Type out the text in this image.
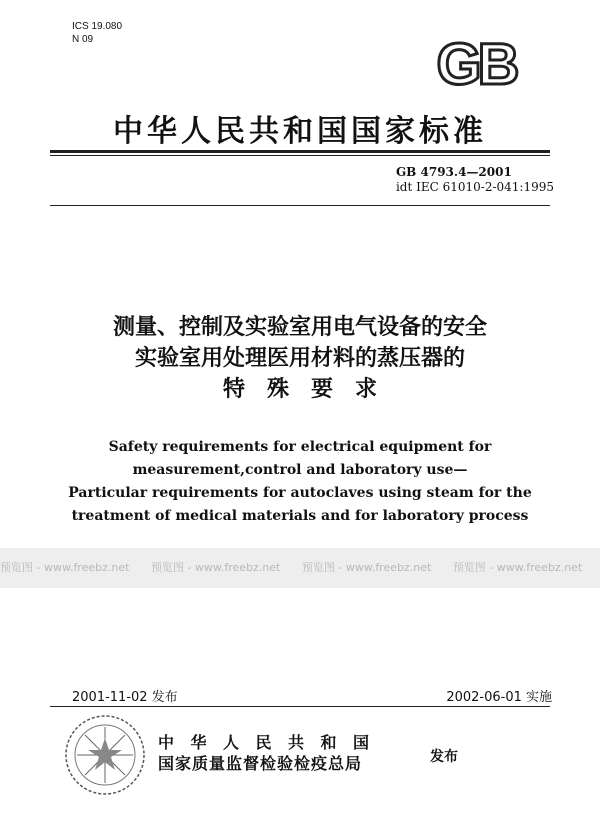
ICS 19.080
N 09	GB
中华人民共和国国家标准
GB 4793.4—2001
idt IEC 61010-2-041:1995
测量、控制及实验室用电气设备的安全
实验室用处理医用材料的蒸压器的
特殊要求
Safety requirements for electrical equipment for
measurement,control and laboratory use—
Particular requirements for autoclaves using steam for the
treatment of medical materials and for laboratory process
预览图 - www.freebz.net 预览图 - www.freebz.net 预览图 - www.freebz.net 预览图 - www.freebz.net
2001-11-02 发布	2002-06-01 实施
中华人民共和国
国家质量监督检验检疫总局	发布
